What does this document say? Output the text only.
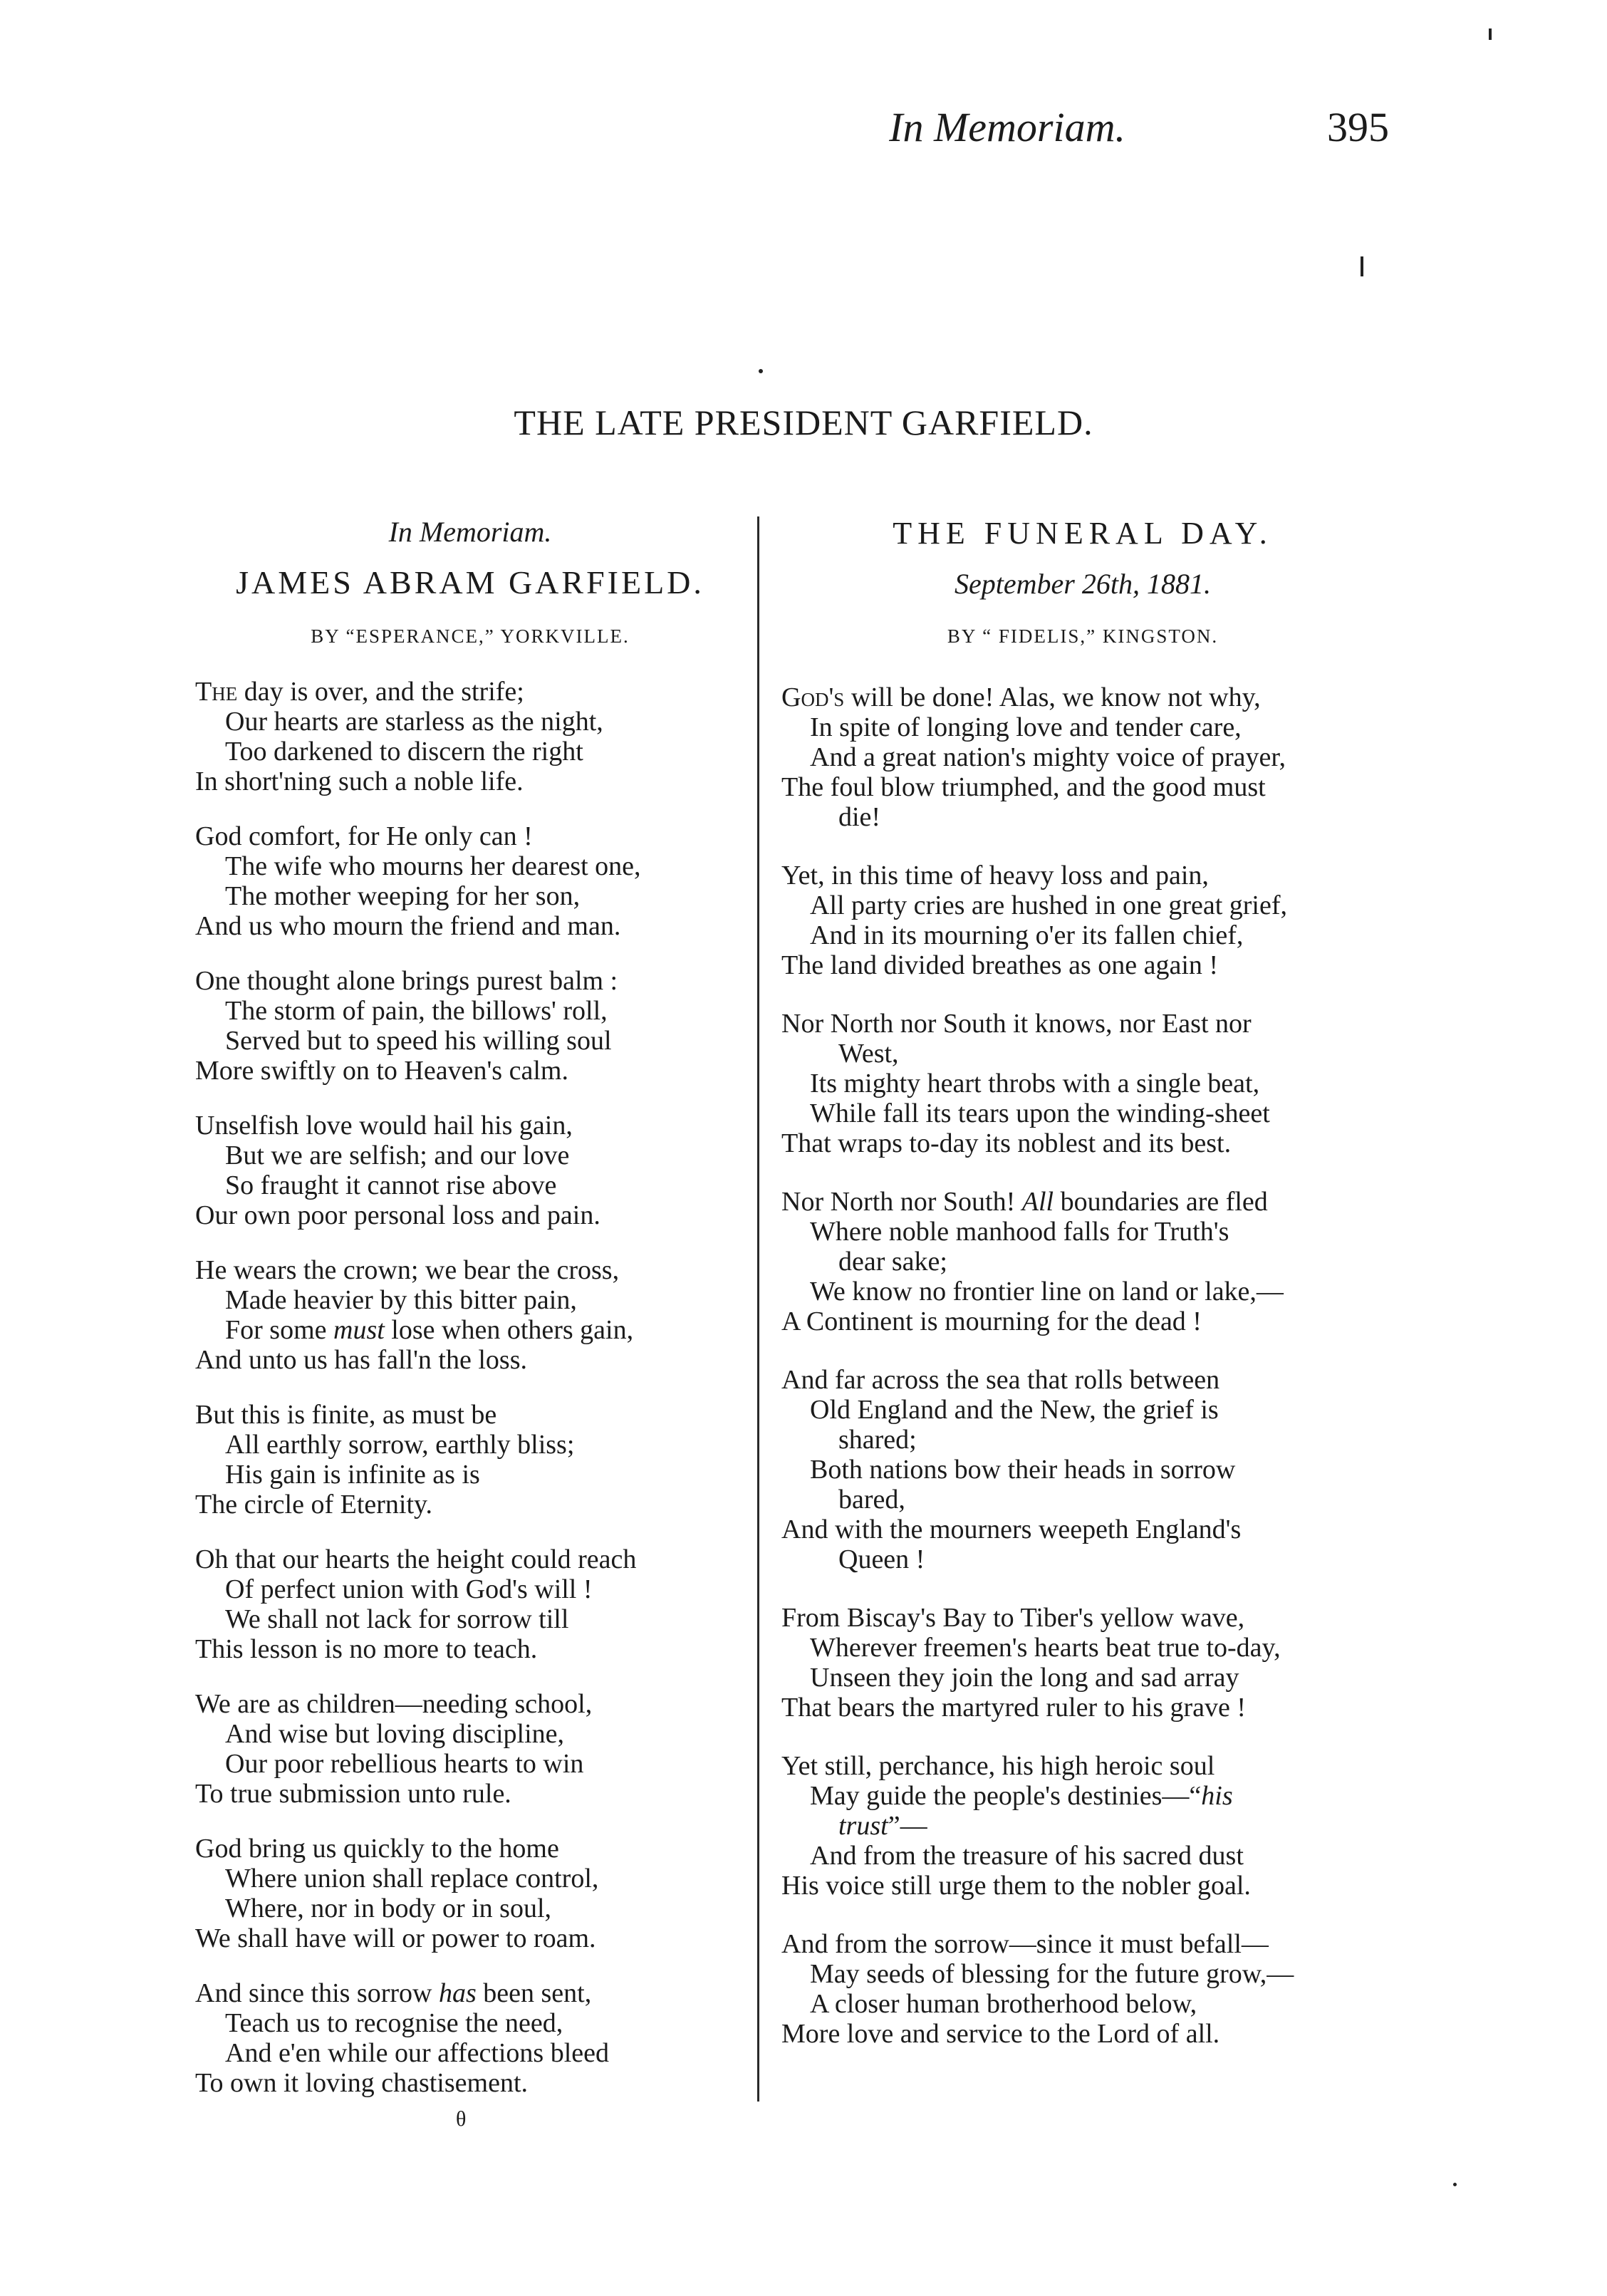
In Memoriam.	395
THE LATE PRESIDENT GARFIELD.
In Memoriam.
JAMES ABRAM GARFIELD.
BY “ESPERANCE,” YORKVILLE.
THE FUNERAL DAY.
September 26th, 1881.
BY “ FIDELIS,” KINGSTON.
The day is over, and the strife;
Our hearts are starless as the night,
Too darkened to discern the right
In short'ning such a noble life.
God comfort, for He only can !
The wife who mourns her dearest one,
The mother weeping for her son,
And us who mourn the friend and man.
One thought alone brings purest balm :
The storm of pain, the billows' roll,
Served but to speed his willing soul
More swiftly on to Heaven's calm.
Unselfish love would hail his gain,
But we are selfish; and our love
So fraught it cannot rise above
Our own poor personal loss and pain.
He wears the crown; we bear the cross,
Made heavier by this bitter pain,
For some must lose when others gain,
And unto us has fall'n the loss.
But this is finite, as must be
All earthly sorrow, earthly bliss;
His gain is infinite as is
The circle of Eternity.
Oh that our hearts the height could reach
Of perfect union with God's will !
We shall not lack for sorrow till
This lesson is no more to teach.
We are as children—needing school,
And wise but loving discipline,
Our poor rebellious hearts to win
To true submission unto rule.
God bring us quickly to the home
Where union shall replace control,
Where, nor in body or in soul,
We shall have will or power to roam.
And since this sorrow has been sent,
Teach us to recognise the need,
And e'en while our affections bleed
To own it loving chastisement.
God's will be done! Alas, we know not why,
In spite of longing love and tender care,
And a great nation's mighty voice of prayer,
The foul blow triumphed, and the good must
die!
Yet, in this time of heavy loss and pain,
All party cries are hushed in one great grief,
And in its mourning o'er its fallen chief,
The land divided breathes as one again !
Nor North nor South it knows, nor East nor
West,
Its mighty heart throbs with a single beat,
While fall its tears upon the winding-sheet
That wraps to-day its noblest and its best.
Nor North nor South! All boundaries are fled
Where noble manhood falls for Truth's
dear sake;
We know no frontier line on land or lake,—
A Continent is mourning for the dead !
And far across the sea that rolls between
Old England and the New, the grief is
shared;
Both nations bow their heads in sorrow
bared,
And with the mourners weepeth England's
Queen !
From Biscay's Bay to Tiber's yellow wave,
Wherever freemen's hearts beat true to-day,
Unseen they join the long and sad array
That bears the martyred ruler to his grave !
Yet still, perchance, his high heroic soul
May guide the people's destinies—“his
trust”—
And from the treasure of his sacred dust
His voice still urge them to the nobler goal.
And from the sorrow—since it must befall—
May seeds of blessing for the future grow,—
A closer human brotherhood below,
More love and service to the Lord of all.
θ
